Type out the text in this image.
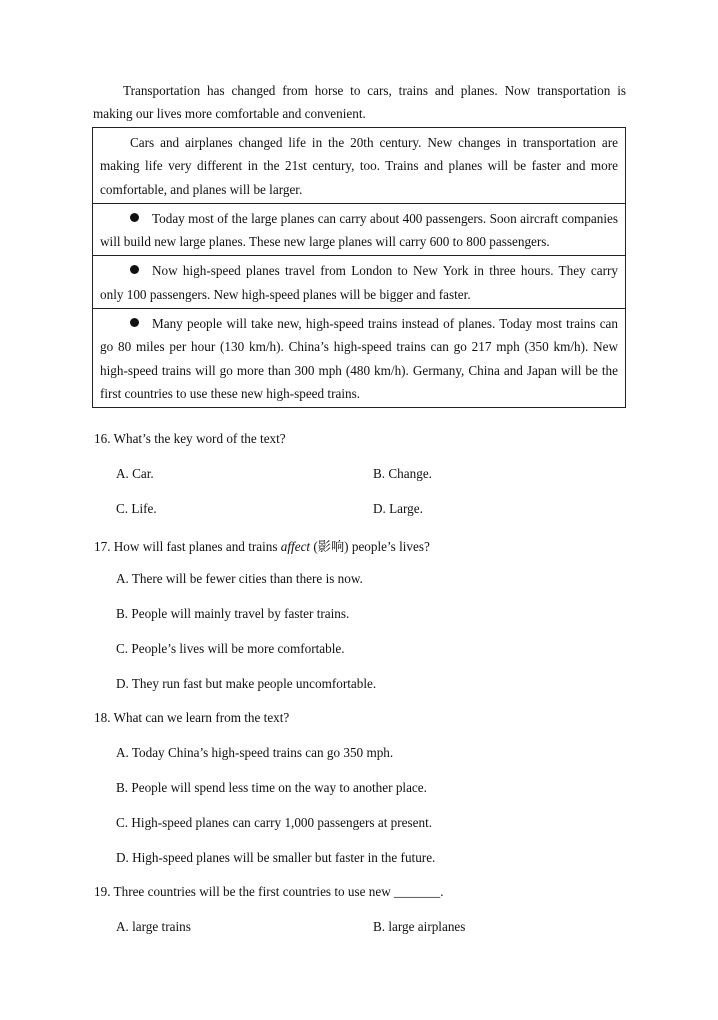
Transportation has changed from horse to cars, trains and planes. Now transportation is making our lives more comfortable and convenient.
Cars and airplanes changed life in the 20th century. New changes in transportation are making life very different in the 21st century, too. Trains and planes will be faster and more comfortable, and planes will be larger.
Today most of the large planes can carry about 400 passengers. Soon aircraft companies will build new large planes. These new large planes will carry 600 to 800 passengers.
Now high-speed planes travel from London to New York in three hours. They carry only 100 passengers. New high-speed planes will be bigger and faster.
Many people will take new, high-speed trains instead of planes. Today most trains can go 80 miles per hour (130 km/h). China’s high-speed trains can go 217 mph (350 km/h). New high-speed trains will go more than 300 mph (480 km/h). Germany, China and Japan will be the first countries to use these new high-speed trains.
16. What’s the key word of the text?
A. Car.	B. Change.
C. Life.	D. Large.
17. How will fast planes and trains affect (影响) people’s lives?
A. There will be fewer cities than there is now.
B. People will mainly travel by faster trains.
C. People’s lives will be more comfortable.
D. They run fast but make people uncomfortable.
18. What can we learn from the text?
A. Today China’s high-speed trains can go 350 mph.
B. People will spend less time on the way to another place.
C. High-speed planes can carry 1,000 passengers at present.
D. High-speed planes will be smaller but faster in the future.
19. Three countries will be the first countries to use new _______.
A. large trains	B. large airplanes
